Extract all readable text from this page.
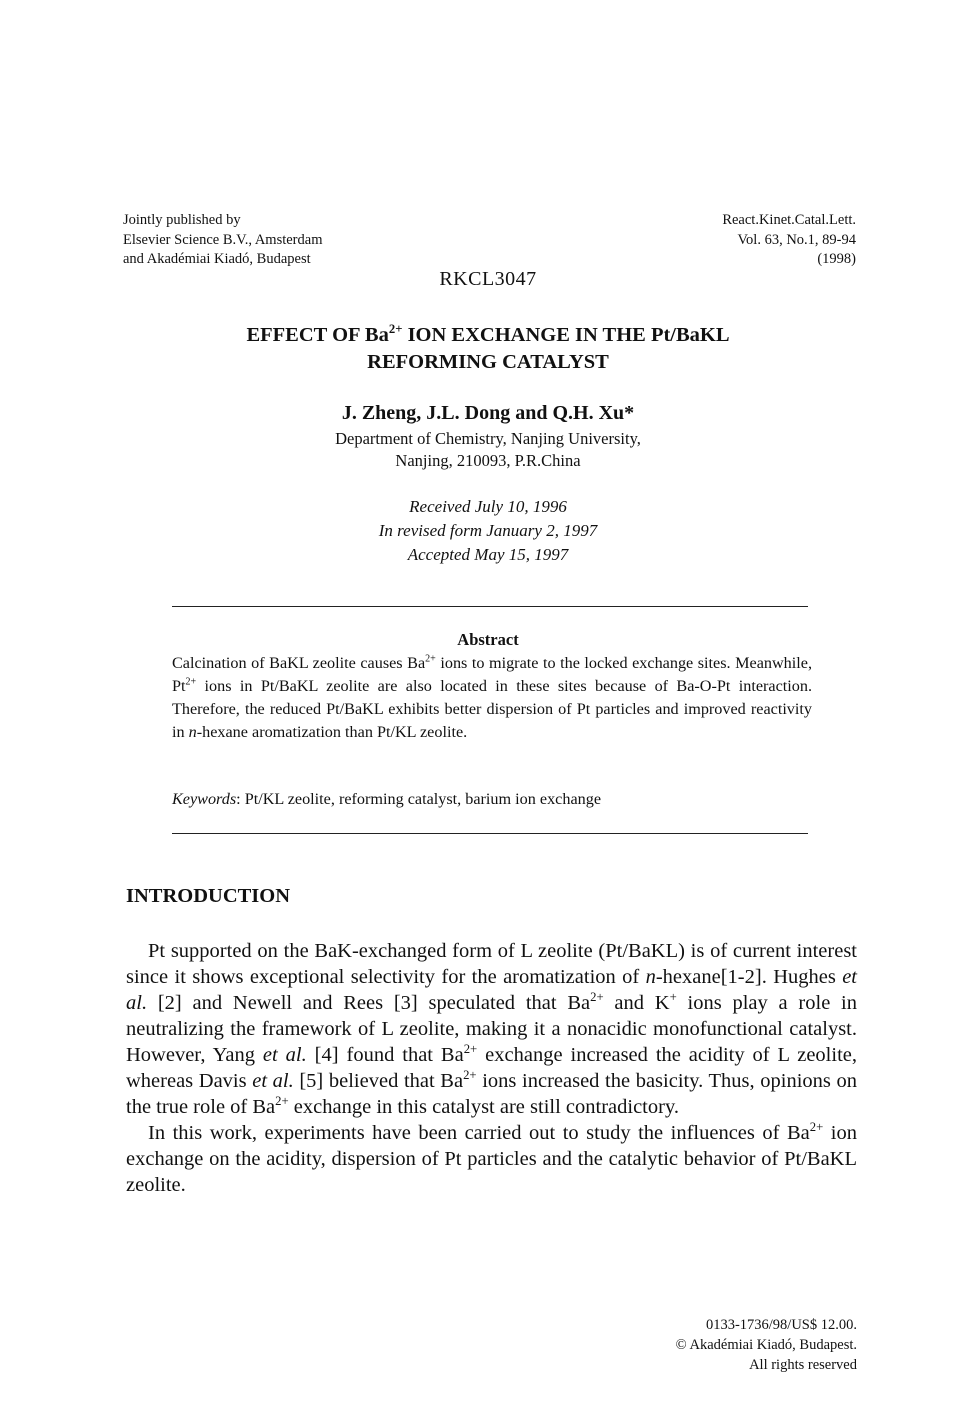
Jointly published by
Elsevier Science B.V., Amsterdam
and Akadémiai Kiadó, Budapest
React.Kinet.Catal.Lett.
Vol. 63, No.1, 89-94
(1998)
RKCL3047
EFFECT OF $Ba^{2+}$ ION EXCHANGE IN THE Pt/BaKL
REFORMING CATALYST
J. Zheng, J.L. Dong and Q.H. Xu*
Department of Chemistry, Nanjing University,
Nanjing, 210093, P.R.China
Received July 10, 1996
In revised form January 2, 1997
Accepted May 15, 1997
Abstract
Calcination of BaKL zeolite causes $Ba^{2+}$ ions to migrate to the locked exchange sites. Meanwhile, $Pt^{2+}$ ions in Pt/BaKL zeolite are also located in these sites because of Ba-O-Pt interaction. Therefore, the reduced Pt/BaKL exhibits better dispersion of Pt particles and improved reactivity in n-hexane aromatization than Pt/KL zeolite.
Keywords: Pt/KL zeolite, reforming catalyst, barium ion exchange
INTRODUCTION

Pt supported on the BaK-exchanged form of L zeolite (Pt/BaKL) is of current interest since it shows exceptional selectivity for the aromatization of n-hexane[1-2]. Hughes et al. [2] and Newell and Rees [3] speculated that $Ba^{2+}$ and K+ ions play a role in neutralizing the framework of L zeolite, making it a nonacidic monofunctional catalyst. However, Yang et al. [4] found that $Ba^{2+}$ exchange increased the acidity of L zeolite, whereas Davis et al. [5] believed that $Ba^{2+}$ ions increased the basicity. Thus, opinions on the true role of $Ba^{2+}$ exchange in this catalyst are still contradictory.

In this work, experiments have been carried out to study the influences of $Ba^{2+}$ ion exchange on the acidity, dispersion of Pt particles and the catalytic behavior of Pt/BaKL zeolite.

0133-1736/98/US$ 12.00.
© Akadémiai Kiadó, Budapest.
All rights reserved
